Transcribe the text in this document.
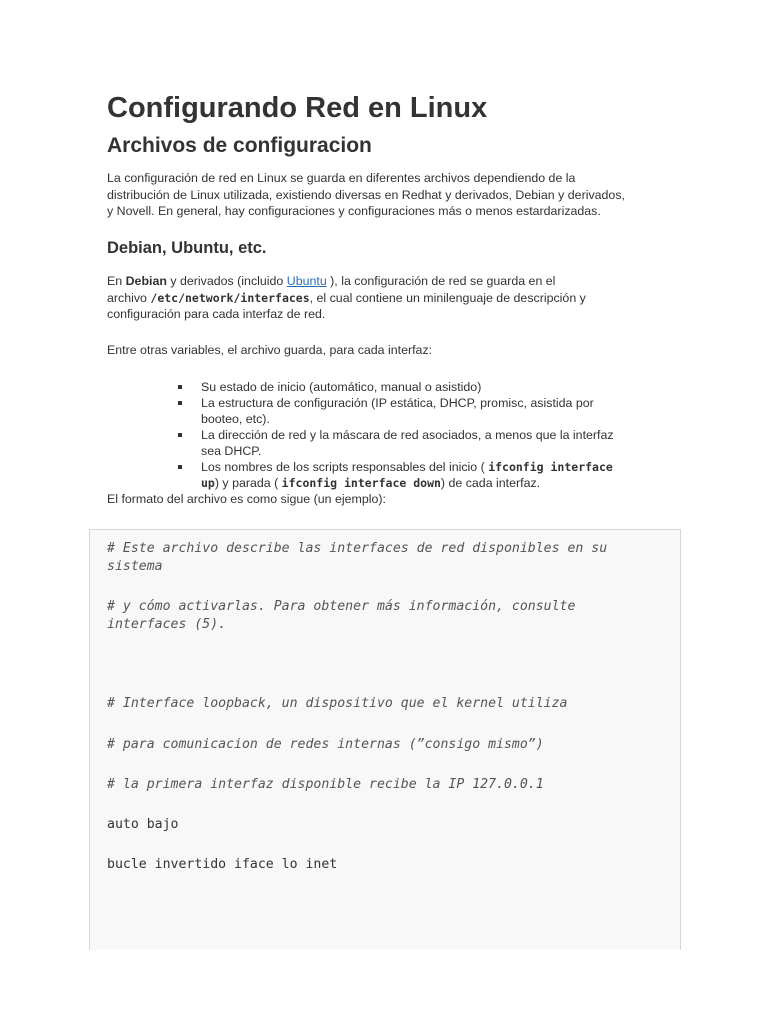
Configurando Red en Linux
Archivos de configuracion

La configuración de red en Linux se guarda en diferentes archivos dependiendo de la
distribución de Linux utilizada, existiendo diversas en Redhat y derivados, Debian y derivados,
y Novell. En general, hay configuraciones y configuraciones más o menos estardarizadas.

Debian, Ubuntu, etc.

En Debian y derivados (incluido Ubuntu ), la configuración de red se guarda en el
archivo /etc/network/interfaces, el cual contiene un minilenguaje de descripción y
configuración para cada interfaz de red.

Entre otras variables, el archivo guarda, para cada interfaz:

Su estado de inicio (automático, manual o asistido)
La estructura de configuración (IP estática, DHCP, promisc, asistida por
booteo, etc).
La dirección de red y la máscara de red asociados, a menos que la interfaz
sea DHCP.
Los nombres de los scripts responsables del inicio ( ifconfig interface
up) y parada ( ifconfig interface down) de cada interfaz.

El formato del archivo es como sigue (un ejemplo):

# Este archivo describe las interfaces de red disponibles en su
sistema
# y cómo activarlas. Para obtener más información, consulte
interfaces (5).
# Interface loopback, un dispositivo que el kernel utiliza
# para comunicacion de redes internas (”consigo mismo”)
# la primera interfaz disponible recibe la IP 127.0.0.1
auto bajo
bucle invertido iface lo inet
